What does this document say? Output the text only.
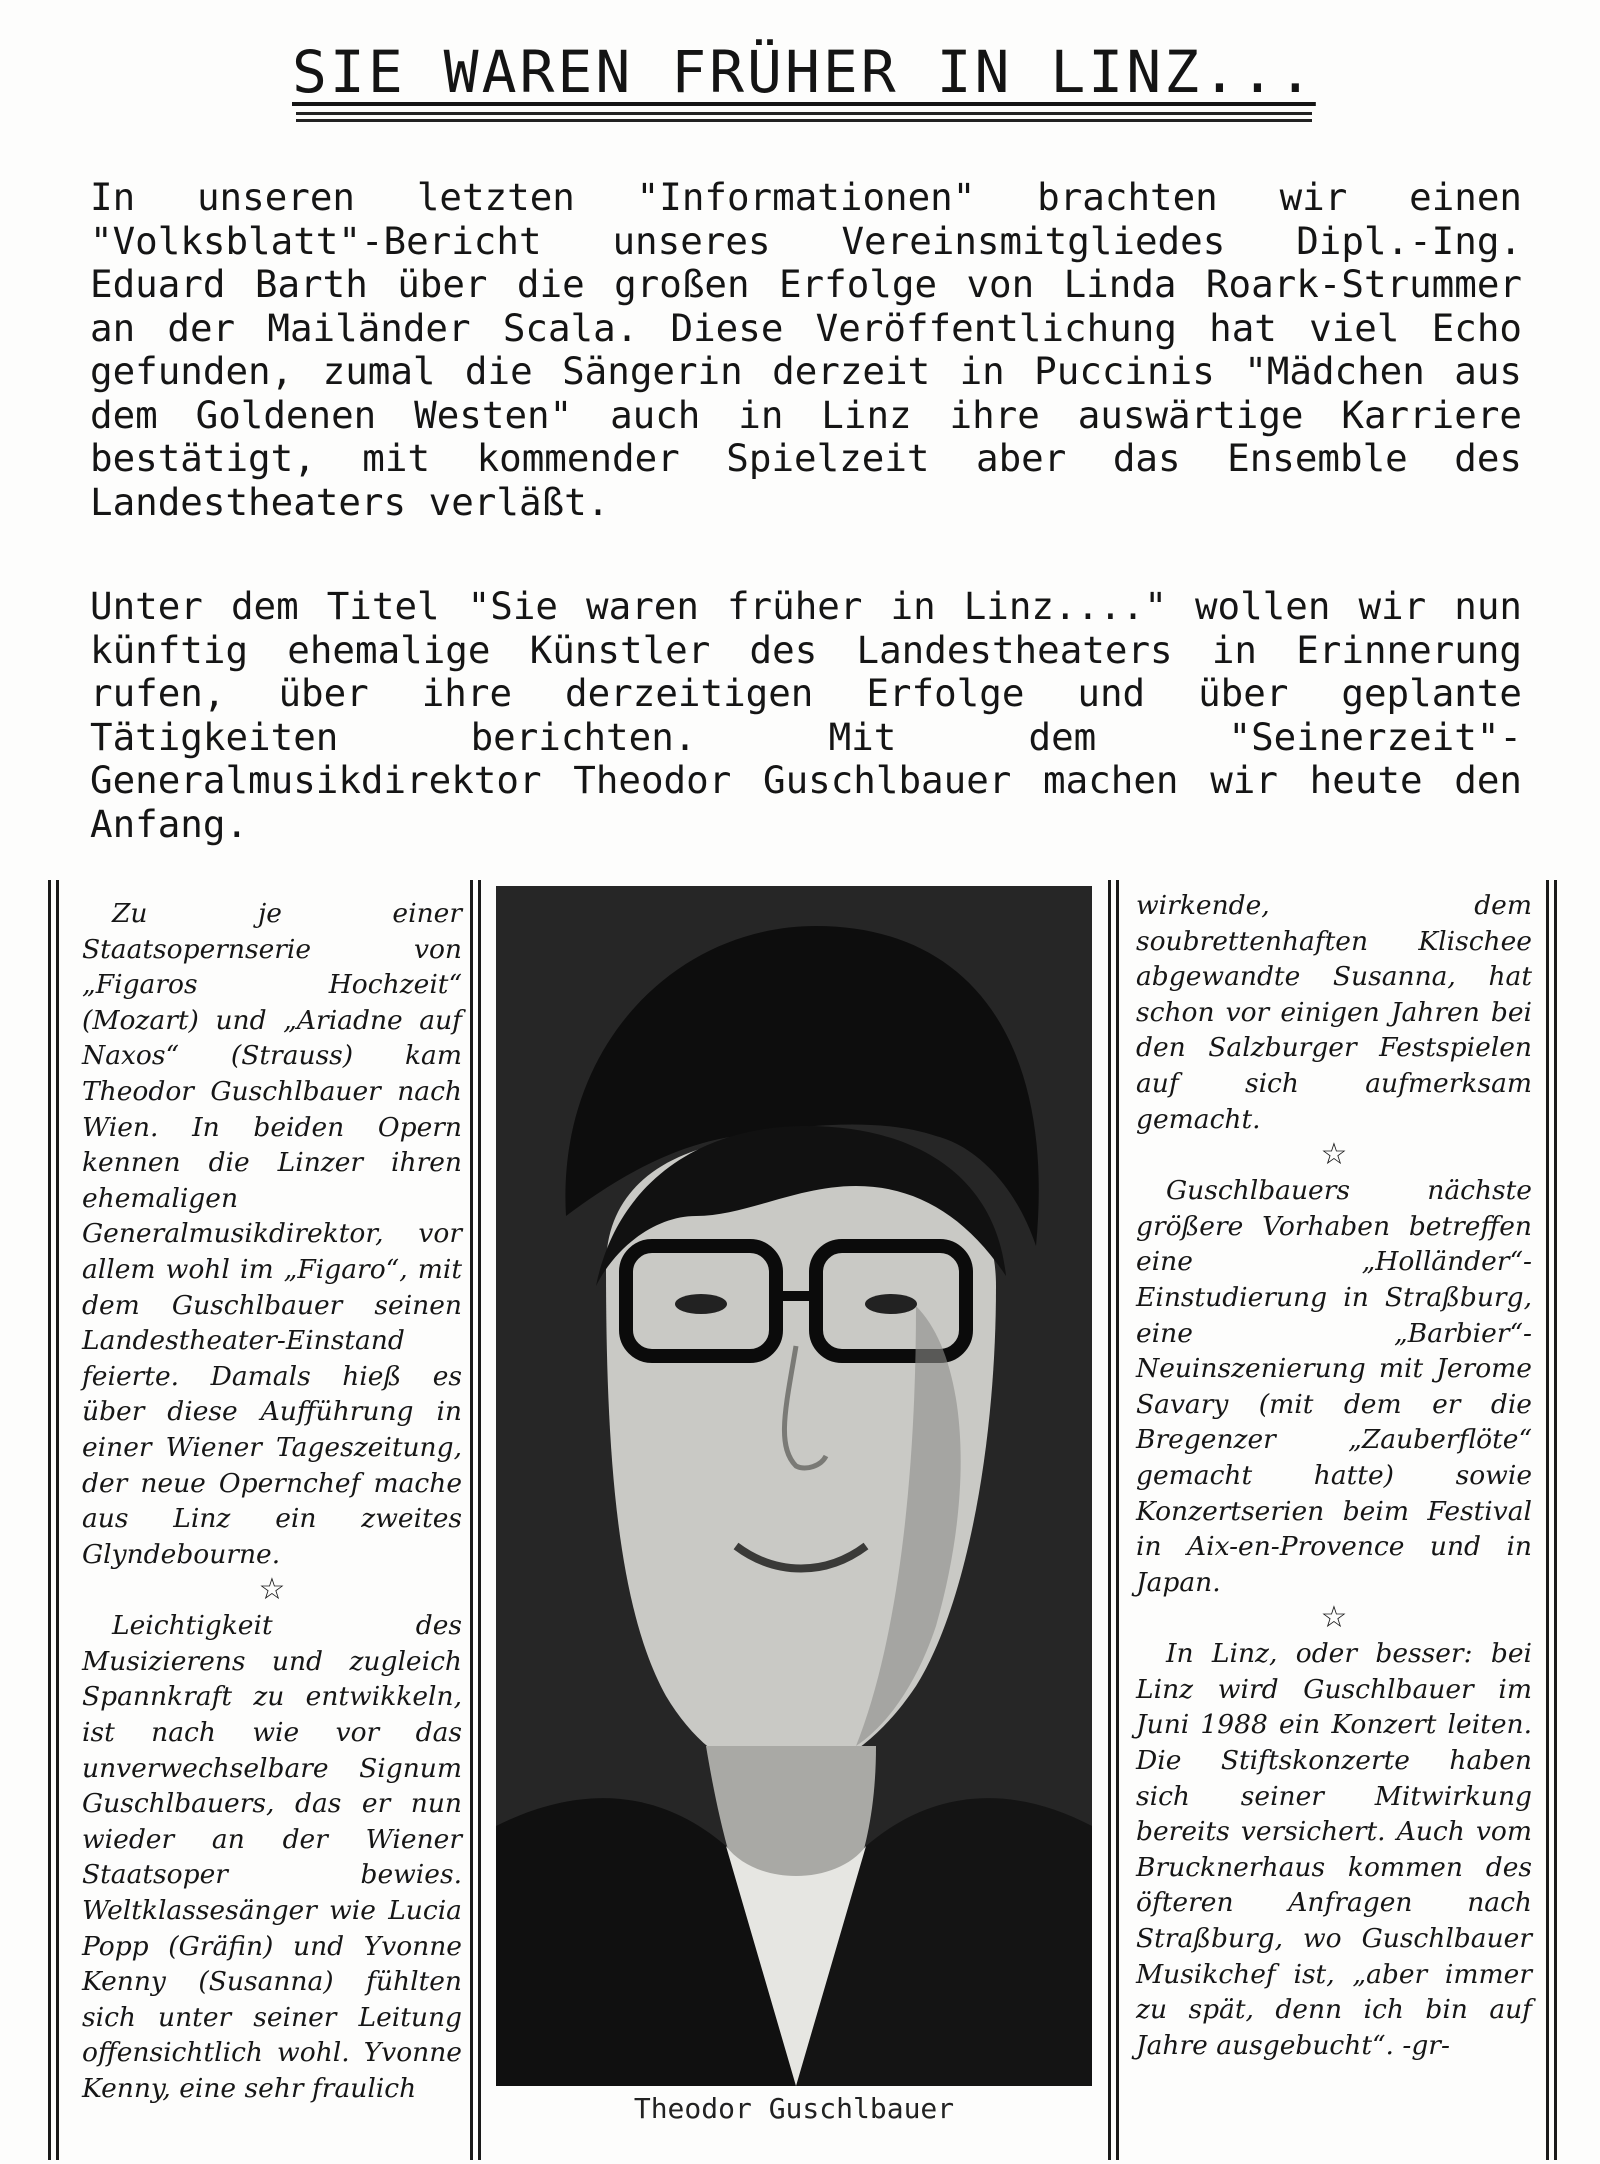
SIE WAREN FRÜHER IN LINZ...

In unseren letzten "Informationen" brachten wir einen "Volksblatt"-Bericht unseres Vereinsmitgliedes Dipl.-Ing. Eduard Barth über die großen Erfolge von Linda Roark-Strummer an der Mailänder Scala. Diese Veröffentlichung hat viel Echo gefunden, zumal die Sängerin derzeit in Puccinis "Mädchen aus dem Goldenen Westen" auch in Linz ihre auswärtige Karriere bestätigt, mit kommender Spielzeit aber das Ensemble des Landestheaters verläßt.

Unter dem Titel "Sie waren früher in Linz...." wollen wir nun künftig ehemalige Künstler des Landestheaters in Erinnerung rufen, über ihre derzeitigen Erfolge und über geplante Tätigkeiten berichten. Mit dem "Seinerzeit"-Generalmusikdirektor Theodor Guschlbauer machen wir heute den Anfang.

Zu je einer Staatsopernserie von „Figaros Hochzeit“ (Mozart) und „Ariadne auf Naxos“ (Strauss) kam Theodor Guschlbauer nach Wien. In beiden Opern kennen die Linzer ihren ehemaligen Generalmusikdirektor, vor allem wohl im „Figaro“, mit dem Guschlbauer seinen Landestheater-Einstand feierte. Damals hieß es über diese Aufführung in einer Wiener Tageszeitung, der neue Opernchef mache aus Linz ein zweites Glyndebourne.

☆

Leichtigkeit des Musizierens und zugleich Spannkraft zu entwikkeln, ist nach wie vor das unverwechselbare Signum Guschlbauers, das er nun wieder an der Wiener Staatsoper bewies. Weltklassesänger wie Lucia Popp (Gräfin) und Yvonne Kenny (Susanna) fühlten sich unter seiner Leitung offensichtlich wohl. Yvonne Kenny, eine sehr fraulich

Theodor Guschlbauer

wirkende, dem soubrettenhaften Klischee abgewandte Susanna, hat schon vor einigen Jahren bei den Salzburger Festspielen auf sich aufmerksam gemacht.

☆

Guschlbauers nächste größere Vorhaben betreffen eine „Holländer“-Einstudierung in Straßburg, eine „Barbier“-Neuinszenierung mit Jerome Savary (mit dem er die Bregenzer „Zauberflöte“ gemacht hatte) sowie Konzertserien beim Festival in Aix-en-Provence und in Japan.

☆

In Linz, oder besser: bei Linz wird Guschlbauer im Juni 1988 ein Konzert leiten. Die Stiftskonzerte haben sich seiner Mitwirkung bereits versichert. Auch vom Brucknerhaus kommen des öfteren Anfragen nach Straßburg, wo Guschlbauer Musikchef ist, „aber immer zu spät, denn ich bin auf Jahre ausgebucht“. -gr-
